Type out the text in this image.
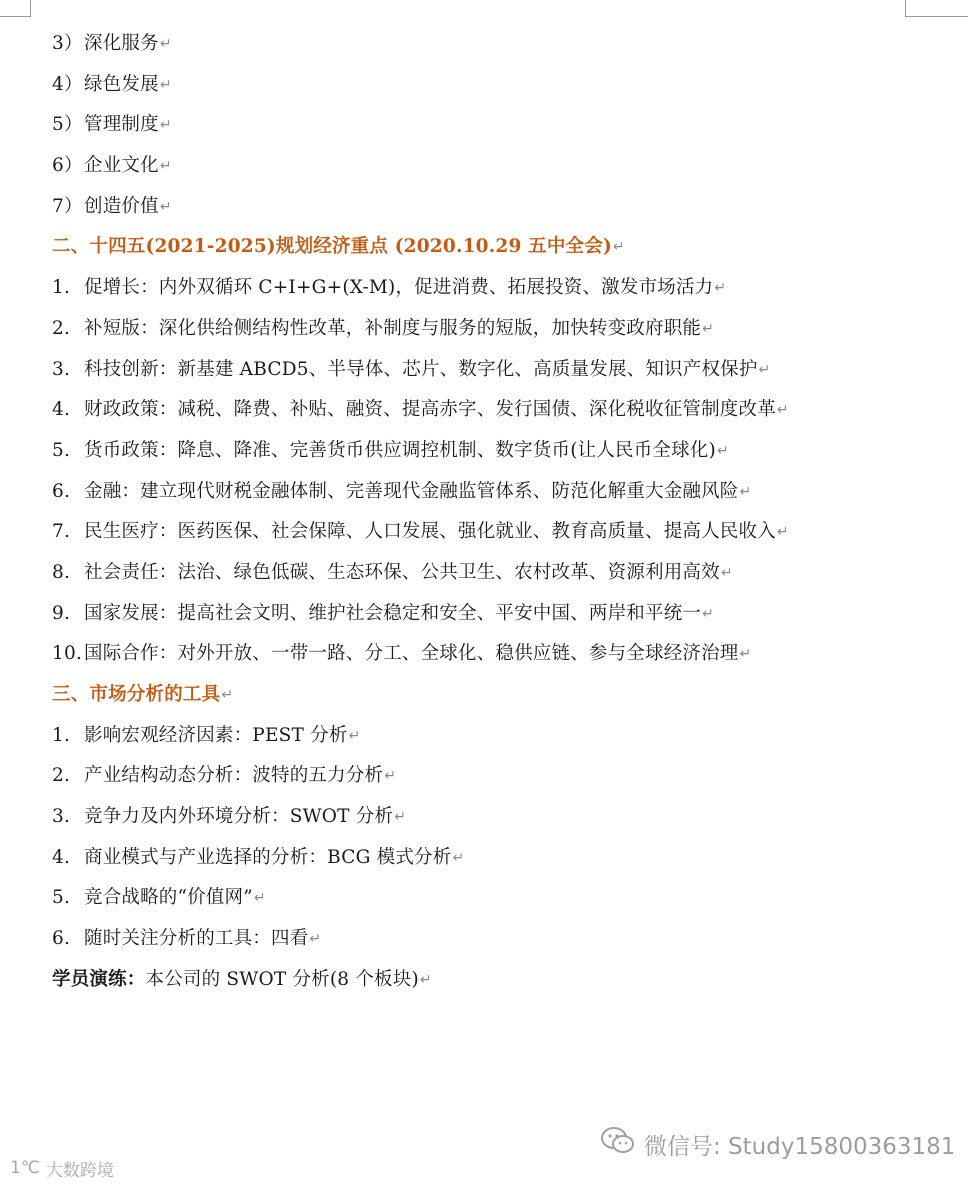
3） 深化服务 ↵
4） 绿色发展 ↵
5） 管理制度 ↵
6） 企业文化 ↵
7） 创造价值 ↵
二、十四五(2021-2025)规划经济重点 (2020.10.29 五中全会) ↵
1. 促增长：内外双循环 C+I+G+(X-M)，促进消费、拓展投资、激发市场活力 ↵
2. 补短版：深化供给侧结构性改革，补制度与服务的短版，加快转变政府职能 ↵
3. 科技创新：新基建 ABCD5、半导体、芯片、数字化、高质量发展、知识产权保护 ↵
4. 财政政策：减税、降费、补贴、融资、提高赤字、发行国债、深化税收征管制度改革 ↵
5. 货币政策：降息、降准、完善货币供应调控机制、数字货币(让人民币全球化) ↵
6. 金融：建立现代财税金融体制、完善现代金融监管体系、防范化解重大金融风险 ↵
7. 民生医疗：医药医保、社会保障、人口发展、强化就业、教育高质量、提高人民收入 ↵
8. 社会责任：法治、绿色低碳、生态环保、公共卫生、农村改革、资源利用高效 ↵
9. 国家发展：提高社会文明、维护社会稳定和安全、平安中国、两岸和平统一 ↵
10. 国际合作：对外开放、一带一路、分工、全球化、稳供应链、参与全球经济治理 ↵
三、市场分析的工具 ↵
1. 影响宏观经济因素：PEST 分析 ↵
2. 产业结构动态分析：波特的五力分析 ↵
3. 竞争力及内外环境分析：SWOT 分析 ↵
4. 商业模式与产业选择的分析：BCG 模式分析 ↵
5. 竞合战略的“价值网” ↵
6. 随时关注分析的工具：四看 ↵
学员演练： 本公司的 SWOT 分析(8 个板块) ↵
微信号: Study15800363181
1℃ 大数跨境
